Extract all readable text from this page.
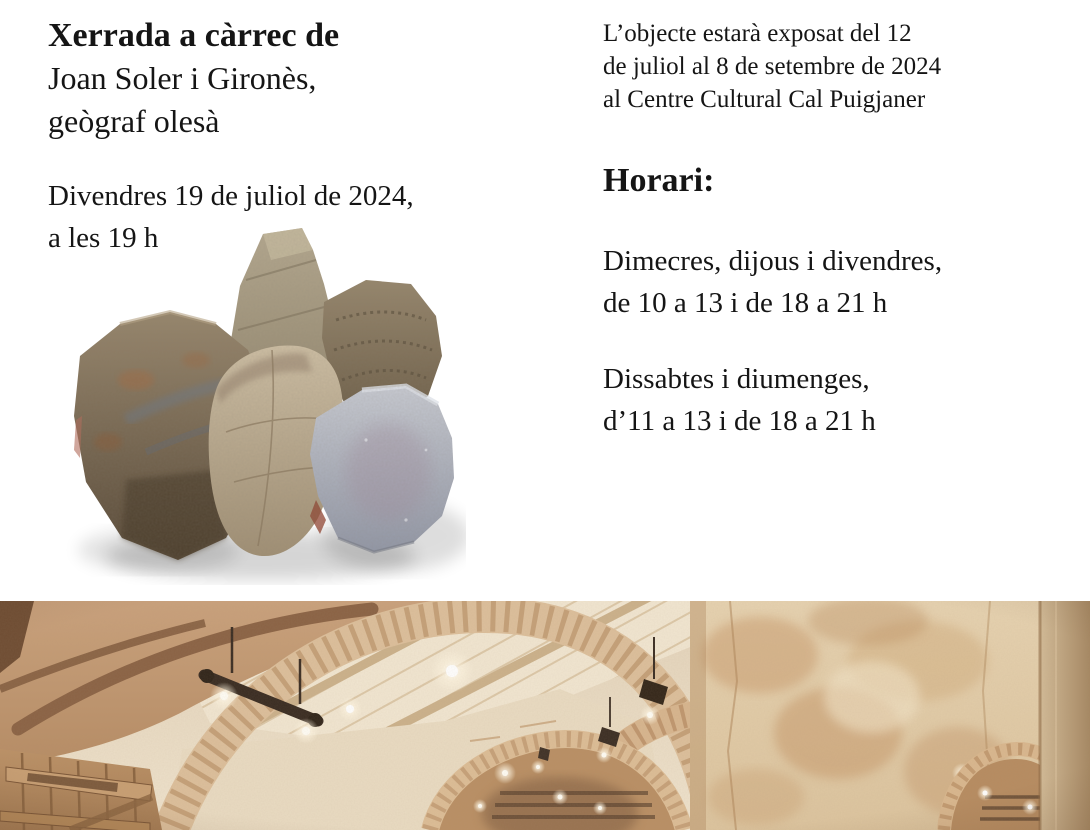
Xerrada a càrrec de

Joan Soler i Gironès,
geògraf olesà

Divendres 19 de juliol de 2024,
a les 19 h

L’objecte estarà exposat del 12
de juliol al 8 de setembre de 2024
al Centre Cultural Cal Puigjaner

Horari:

Dimecres, dijous i divendres,
de 10 a 13 i de 18 a 21 h

Dissabtes i diumenges,
d’11 a 13 i de 18 a 21 h
